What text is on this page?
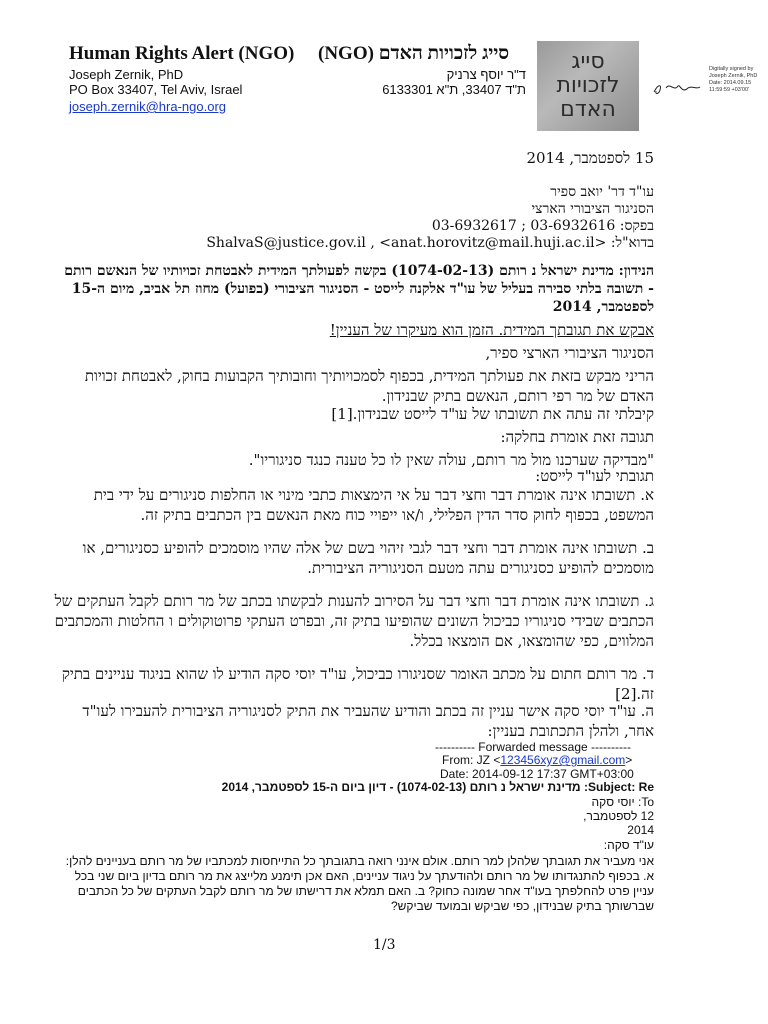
Human Rights Alert (NGO) (NGO) סייג לזכויות האדם
Joseph Zernik, PhD
PO Box 33407, Tel Aviv, Israel
joseph.zernik@hra-ngo.org
ד"ר יוסף צרניק
ת"ד 33407, ת"א 6133301
סייג
לזכויות
האדם
Digitally signed by Joseph Zernik, PhD Date: 2014.09.15 11:59:59 +03'00'
15 לספטמבר, 2014
עו"ד דר' יואב ספיר
הסניגור הציבורי הארצי
בפקס: 03-6932616 ; 03-6932617
בדוא"ל: <ShalvaS@justice.gov.il , <anat.horovitz@mail.huji.ac.il
הנידון: מדינת ישראל נ רותם (1074-02-13) בקשה לפעולתך המידית לאבטחת זכויותיו של הנאשם רותם - תשובה בלתי סבירה בעליל של עו"ד אלקנה לייסט - הסניגור הציבורי (בפועל) מחוז תל אביב, מיום ה-15 לספטמבר, 2014
אבקש את תגובתך המידית. הזמן הוא מעיקרו של העניין!
הסניגור הציבורי הארצי ספיר,
הריני מבקש בזאת את פעולתך המידית, בכפוף לסמכויותיך וחובותיך הקבועות בחוק, לאבטחת זכויות האדם של מר רפי רותם, הנאשם בתיק שבנידון.
קיבלתי זה עתה את תשובתו של עו"ד לייסט שבנידון.[1]
תגובה זאת אומרת בחלקה:
"מבדיקה שערכנו מול מר רותם, עולה שאין לו כל טענה כנגד סניגוריו".
תגובתי לעו"ד לייסט:
א. תשובתו אינה אומרת דבר וחצי דבר על אי הימצאות כתבי מינוי או החלפות סניגורים על ידי בית המשפט, בכפוף לחוק סדר הדין הפלילי, ו/או ייפויי כוח מאת הנאשם בין הכתבים בתיק זה.
ב. תשובתו אינה אומרת דבר וחצי דבר לגבי זיהוי בשם של אלה שהיו מוסמכים להופיע כסניגורים, או מוסמכים להופיע כסניגורים עתה מטעם הסניגוריה הציבורית.
ג. תשובתו אינה אומרת דבר וחצי דבר על הסירוב להענות לבקשתו בכתב של מר רותם לקבל העתקים של הכתבים שבידי סניגוריו כביכול השונים שהופיעו בתיק זה, ובפרט העתקי פרוטוקולים ו החלטות והמכתבים המלווים, כפי שהומצאו, אם הומצאו בכלל.
ד. מר רותם חתום על מכתב האומר שסניגורו כביכול, עו"ד יוסי סקה הודיע לו שהוא בניגוד עניינים בתיק זה.[2]
ה. עו"ד יוסי סקה אישר עניין זה בכתב והודיע שהעביר את התיק לסניגוריה הציבורית להעבירו לעו"ד אחר, ולהלן התכתובת בעניין:
---------- Forwarded message ----------
From: JZ <123456xyz@gmail.com>
Date: 2014-09-12 17:37 GMT+03:00
Subject: Re: מדינת ישראל נ רותם (1074-02-13) - דיון ביום ה-15 לספטמבר, 2014
To: יוסי סקה
12 לספטמבר,
2014
עו"ד סקה:
אני מעביר את תגובתך שלהלן למר רותם. אולם אינני רואה בתגובתך כל התייחסות למכתביו של מר רותם בעניינים להלן: א. בכפוף להתנגדותו של מר רותם ולהודעתך על ניגוד עניינים, האם אכן תימנע מלייצג את מר רותם בדיון ביום שני בכל עניין פרט להחלפתך בעו"ד אחר שמונה כחוק? ב. האם תמלא את דרישתו של מר רותם לקבל העתקים של כל הכתבים שברשותך בתיק שבנידון, כפי שביקש ובמועד שביקש?
1/3
